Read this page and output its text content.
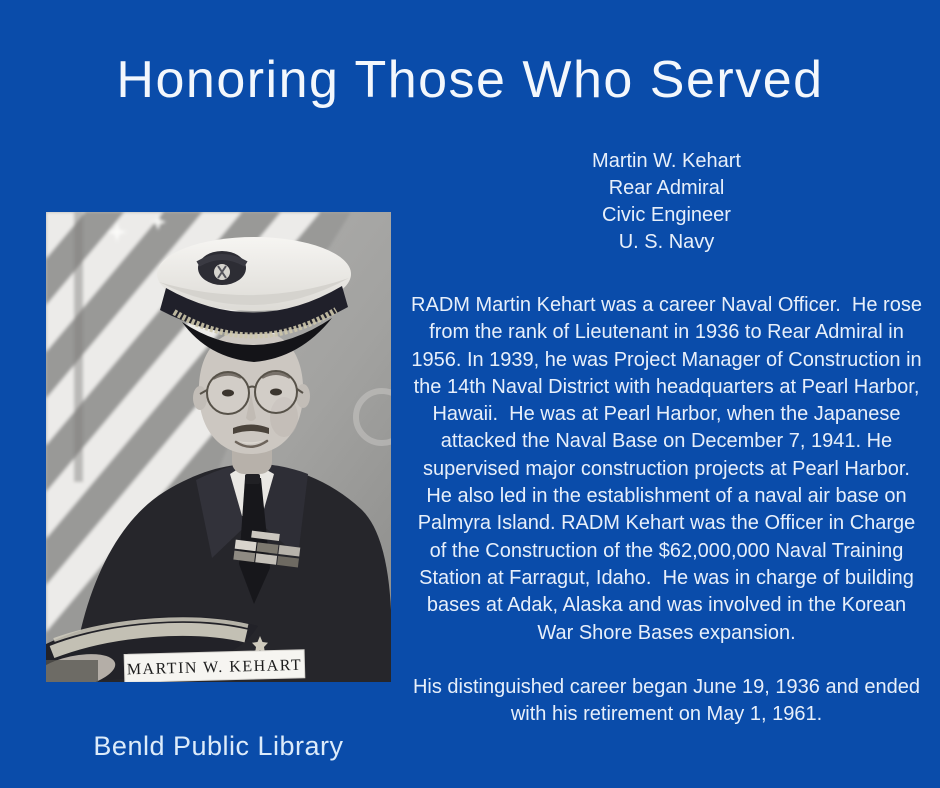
Honoring Those Who Served
MARTIN W. KEHART
Benld Public Library
Martin W. Kehart
Rear Admiral
Civic Engineer
U. S. Navy

RADM Martin Kehart was a career Naval Officer.  He rose from the rank of Lieutenant in 1936 to Rear Admiral in 1956. In 1939, he was Project Manager of Construction in the 14th Naval District with headquarters at Pearl Harbor, Hawaii.  He was at Pearl Harbor, when the Japanese attacked the Naval Base on December 7, 1941. He supervised major construction projects at Pearl Harbor. He also led in the establishment of a naval air base on Palmyra Island. RADM Kehart was the Officer in Charge of the Construction of the $62,000,000 Naval Training Station at Farragut, Idaho.  He was in charge of building bases at Adak, Alaska and was involved in the Korean War Shore Bases expansion.

His distinguished career began June 19, 1936 and ended with his retirement on May 1, 1961.
